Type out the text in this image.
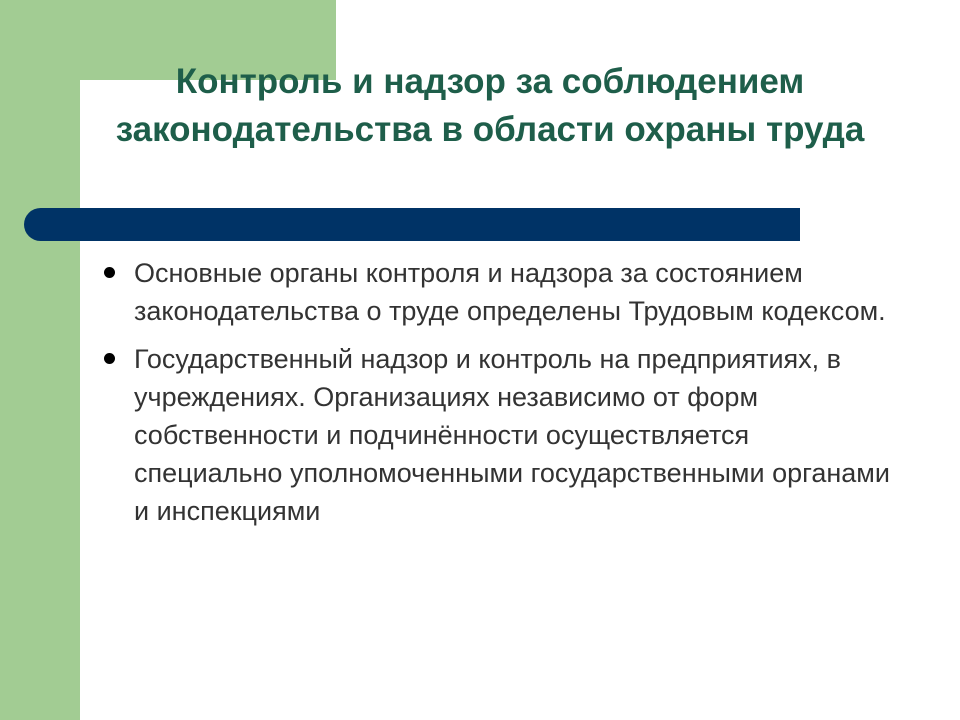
Контроль и надзор за соблюдением законодательства в области охраны труда
Основные органы контроля и надзора за состоянием законодательства о труде определены Трудовым кодексом.
Государственный надзор и контроль на предприятиях, в учреждениях. Организациях независимо от форм собственности и подчинённости осуществляется специально уполномоченными государственными органами и инспекциями
